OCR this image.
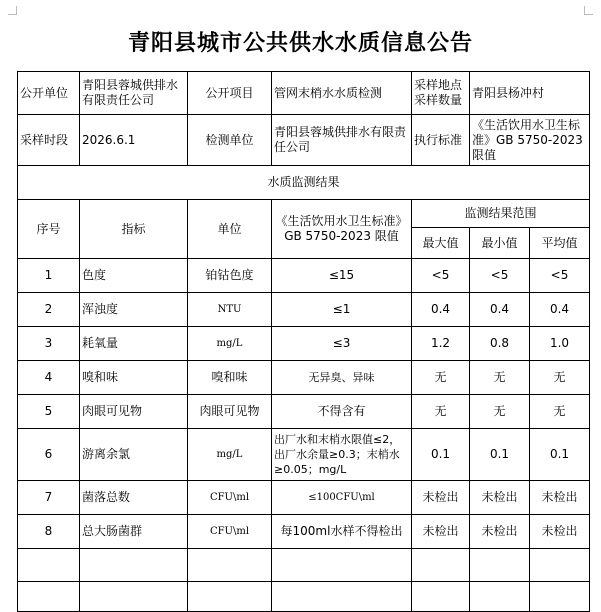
青阳县城市公共供水水质信息公告
公开单位	青阳县蓉城供排水有限责任公司	公开项目	管网末梢水水质检测	采样地点采样数量	青阳县杨冲村	
采样时段	2026.6.1	检测单位	青阳县蓉城供排水有限责任公司	执行标准	《生活饮用水卫生标准》GB 5750-2023 限值	
水质监测结果						
序号	指标	单位	《生活饮用水卫生标准》GB 5750-2023 限值	监测结果范围		
				最大值	最小值	平均值
1	色度	铂钴色度	≤15	<5	<5	<5
2	浑浊度	NTU	≤1	0.4	0.4	0.4
3	耗氧量	mg/L	≤3	1.2	0.8	1.0
4	嗅和味	嗅和味	无异臭、异味	无	无	无
5	肉眼可见物	肉眼可见物	不得含有	无	无	无
6	游离余氯	mg/L	出厂水和末梢水限值≤2，出厂水余量≥0.3；末梢水≥0.05；mg/L	0.1	0.1	0.1
7	菌落总数	CFU\ml	≤100CFU\ml	未检出	未检出	未检出
8	总大肠菌群	CFU\ml	每100ml水样不得检出	未检出	未检出	未检出
